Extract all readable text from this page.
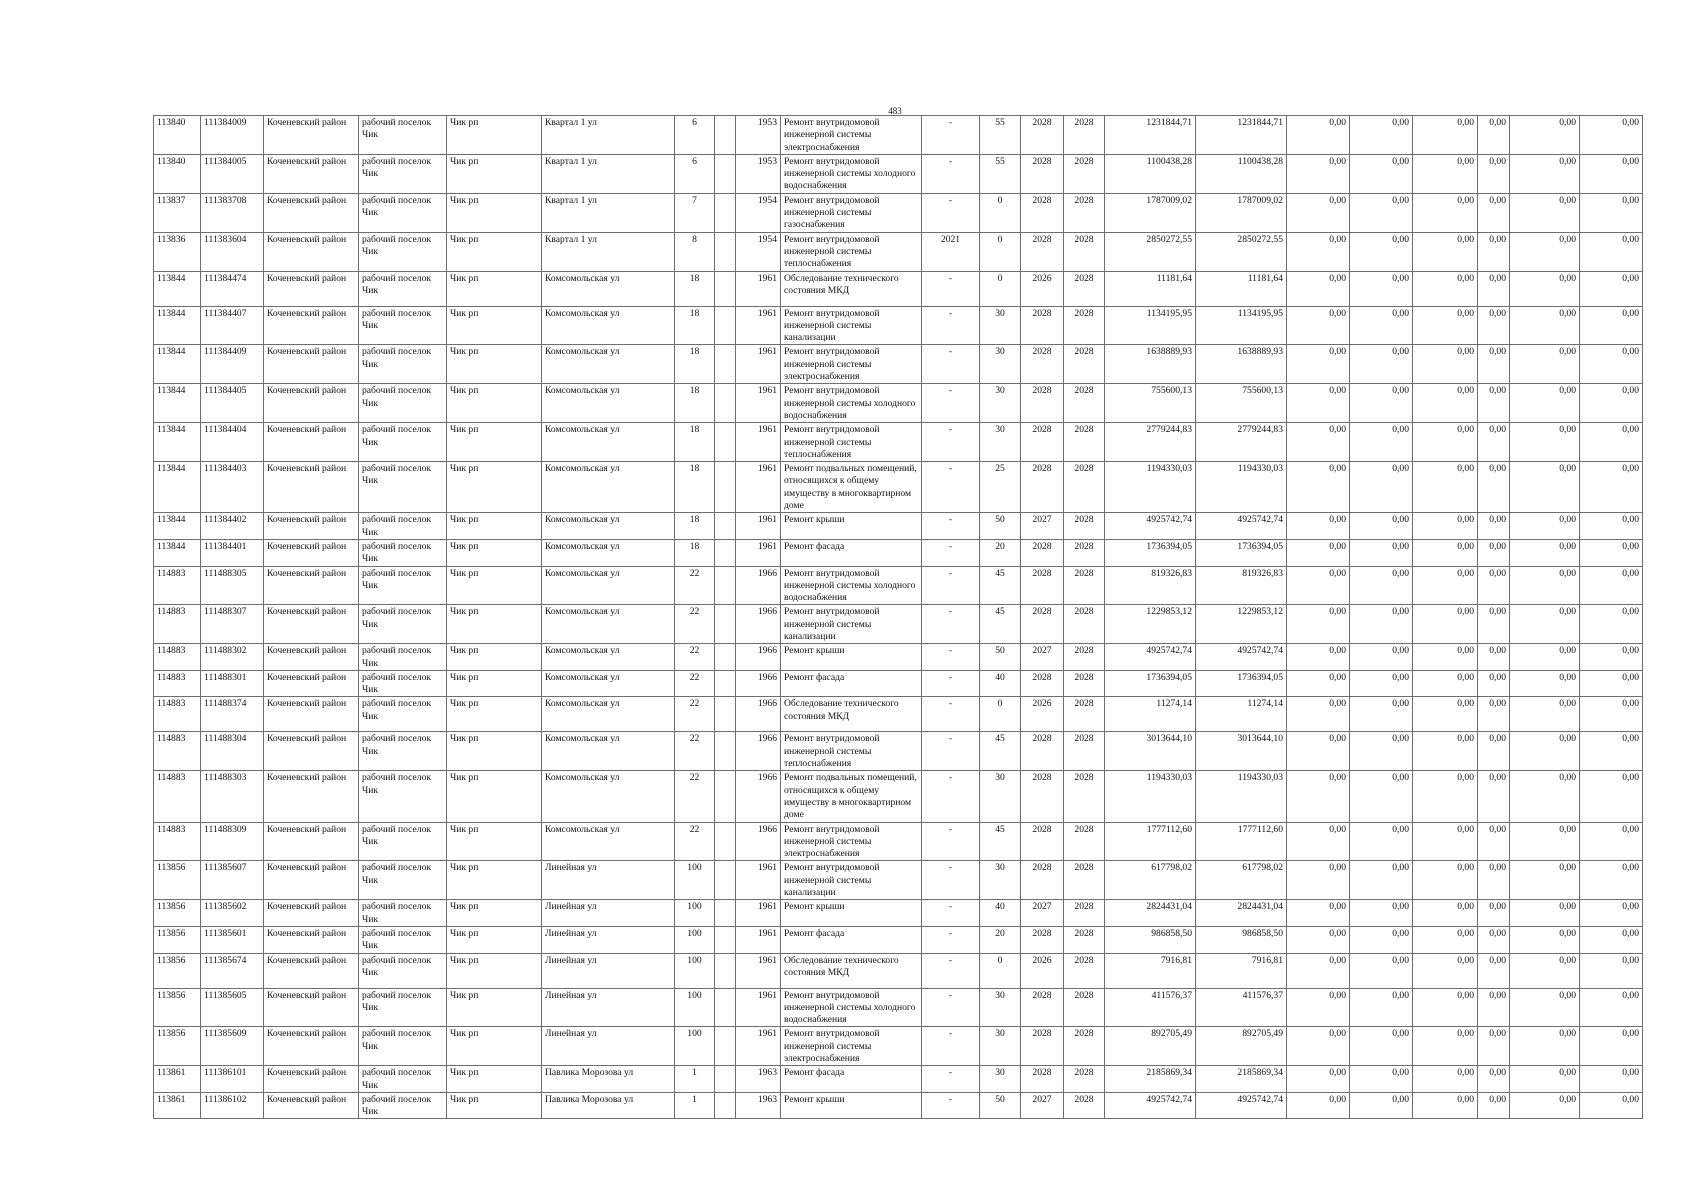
483
113840	111384009	Коченевский район	рабочий поселок Чик	Чик рп	Квартал 1 ул	6		1953	Ремонт внутридомовой инженерной системы электроснабжения	-	55	2028	2028	1231844,71	1231844,71	0,00	0,00	0,00	0,00	0,00	0,00
113840	111384005	Коченевский район	рабочий поселок Чик	Чик рп	Квартал 1 ул	6		1953	Ремонт внутридомовой инженерной системы холодного водоснабжения	-	55	2028	2028	1100438,28	1100438,28	0,00	0,00	0,00	0,00	0,00	0,00
113837	111383708	Коченевский район	рабочий поселок Чик	Чик рп	Квартал 1 ул	7		1954	Ремонт внутридомовой инженерной системы газоснабжения	-	0	2028	2028	1787009,02	1787009,02	0,00	0,00	0,00	0,00	0,00	0,00
113836	111383604	Коченевский район	рабочий поселок Чик	Чик рп	Квартал 1 ул	8		1954	Ремонт внутридомовой инженерной системы теплоснабжения	2021	0	2028	2028	2850272,55	2850272,55	0,00	0,00	0,00	0,00	0,00	0,00
113844	111384474	Коченевский район	рабочий поселок Чик	Чик рп	Комсомольская ул	18		1961	Обследование технического состояния МКД	-	0	2026	2028	11181,64	11181,64	0,00	0,00	0,00	0,00	0,00	0,00
113844	111384407	Коченевский район	рабочий поселок Чик	Чик рп	Комсомольская ул	18		1961	Ремонт внутридомовой инженерной системы канализации	-	30	2028	2028	1134195,95	1134195,95	0,00	0,00	0,00	0,00	0,00	0,00
113844	111384409	Коченевский район	рабочий поселок Чик	Чик рп	Комсомольская ул	18		1961	Ремонт внутридомовой инженерной системы электроснабжения	-	30	2028	2028	1638889,93	1638889,93	0,00	0,00	0,00	0,00	0,00	0,00
113844	111384405	Коченевский район	рабочий поселок Чик	Чик рп	Комсомольская ул	18		1961	Ремонт внутридомовой инженерной системы холодного водоснабжения	-	30	2028	2028	755600,13	755600,13	0,00	0,00	0,00	0,00	0,00	0,00
113844	111384404	Коченевский район	рабочий поселок Чик	Чик рп	Комсомольская ул	18		1961	Ремонт внутридомовой инженерной системы теплоснабжения	-	30	2028	2028	2779244,83	2779244,83	0,00	0,00	0,00	0,00	0,00	0,00
113844	111384403	Коченевский район	рабочий поселок Чик	Чик рп	Комсомольская ул	18		1961	Ремонт подвальных помещений, относящихся к общему имуществу в многоквартирном доме	-	25	2028	2028	1194330,03	1194330,03	0,00	0,00	0,00	0,00	0,00	0,00
113844	111384402	Коченевский район	рабочий поселок Чик	Чик рп	Комсомольская ул	18		1961	Ремонт крыши	-	50	2027	2028	4925742,74	4925742,74	0,00	0,00	0,00	0,00	0,00	0,00
113844	111384401	Коченевский район	рабочий поселок Чик	Чик рп	Комсомольская ул	18		1961	Ремонт фасада	-	20	2028	2028	1736394,05	1736394,05	0,00	0,00	0,00	0,00	0,00	0,00
114883	111488305	Коченевский район	рабочий поселок Чик	Чик рп	Комсомольская ул	22		1966	Ремонт внутридомовой инженерной системы холодного водоснабжения	-	45	2028	2028	819326,83	819326,83	0,00	0,00	0,00	0,00	0,00	0,00
114883	111488307	Коченевский район	рабочий поселок Чик	Чик рп	Комсомольская ул	22		1966	Ремонт внутридомовой инженерной системы канализации	-	45	2028	2028	1229853,12	1229853,12	0,00	0,00	0,00	0,00	0,00	0,00
114883	111488302	Коченевский район	рабочий поселок Чик	Чик рп	Комсомольская ул	22		1966	Ремонт крыши	-	50	2027	2028	4925742,74	4925742,74	0,00	0,00	0,00	0,00	0,00	0,00
114883	111488301	Коченевский район	рабочий поселок Чик	Чик рп	Комсомольская ул	22		1966	Ремонт фасада	-	40	2028	2028	1736394,05	1736394,05	0,00	0,00	0,00	0,00	0,00	0,00
114883	111488374	Коченевский район	рабочий поселок Чик	Чик рп	Комсомольская ул	22		1966	Обследование технического состояния МКД	-	0	2026	2028	11274,14	11274,14	0,00	0,00	0,00	0,00	0,00	0,00
114883	111488304	Коченевский район	рабочий поселок Чик	Чик рп	Комсомольская ул	22		1966	Ремонт внутридомовой инженерной системы теплоснабжения	-	45	2028	2028	3013644,10	3013644,10	0,00	0,00	0,00	0,00	0,00	0,00
114883	111488303	Коченевский район	рабочий поселок Чик	Чик рп	Комсомольская ул	22		1966	Ремонт подвальных помещений, относящихся к общему имуществу в многоквартирном доме	-	30	2028	2028	1194330,03	1194330,03	0,00	0,00	0,00	0,00	0,00	0,00
114883	111488309	Коченевский район	рабочий поселок Чик	Чик рп	Комсомольская ул	22		1966	Ремонт внутридомовой инженерной системы электроснабжения	-	45	2028	2028	1777112,60	1777112,60	0,00	0,00	0,00	0,00	0,00	0,00
113856	111385607	Коченевский район	рабочий поселок Чик	Чик рп	Линейная ул	100		1961	Ремонт внутридомовой инженерной системы канализации	-	30	2028	2028	617798,02	617798,02	0,00	0,00	0,00	0,00	0,00	0,00
113856	111385602	Коченевский район	рабочий поселок Чик	Чик рп	Линейная ул	100		1961	Ремонт крыши	-	40	2027	2028	2824431,04	2824431,04	0,00	0,00	0,00	0,00	0,00	0,00
113856	111385601	Коченевский район	рабочий поселок Чик	Чик рп	Линейная ул	100		1961	Ремонт фасада	-	20	2028	2028	986858,50	986858,50	0,00	0,00	0,00	0,00	0,00	0,00
113856	111385674	Коченевский район	рабочий поселок Чик	Чик рп	Линейная ул	100		1961	Обследование технического состояния МКД	-	0	2026	2028	7916,81	7916,81	0,00	0,00	0,00	0,00	0,00	0,00
113856	111385605	Коченевский район	рабочий поселок Чик	Чик рп	Линейная ул	100		1961	Ремонт внутридомовой инженерной системы холодного водоснабжения	-	30	2028	2028	411576,37	411576,37	0,00	0,00	0,00	0,00	0,00	0,00
113856	111385609	Коченевский район	рабочий поселок Чик	Чик рп	Линейная ул	100		1961	Ремонт внутридомовой инженерной системы электроснабжения	-	30	2028	2028	892705,49	892705,49	0,00	0,00	0,00	0,00	0,00	0,00
113861	111386101	Коченевский район	рабочий поселок Чик	Чик рп	Павлика Морозова ул	1		1963	Ремонт фасада	-	30	2028	2028	2185869,34	2185869,34	0,00	0,00	0,00	0,00	0,00	0,00
113861	111386102	Коченевский район	рабочий поселок Чик	Чик рп	Павлика Морозова ул	1		1963	Ремонт крыши	-	50	2027	2028	4925742,74	4925742,74	0,00	0,00	0,00	0,00	0,00	0,00
